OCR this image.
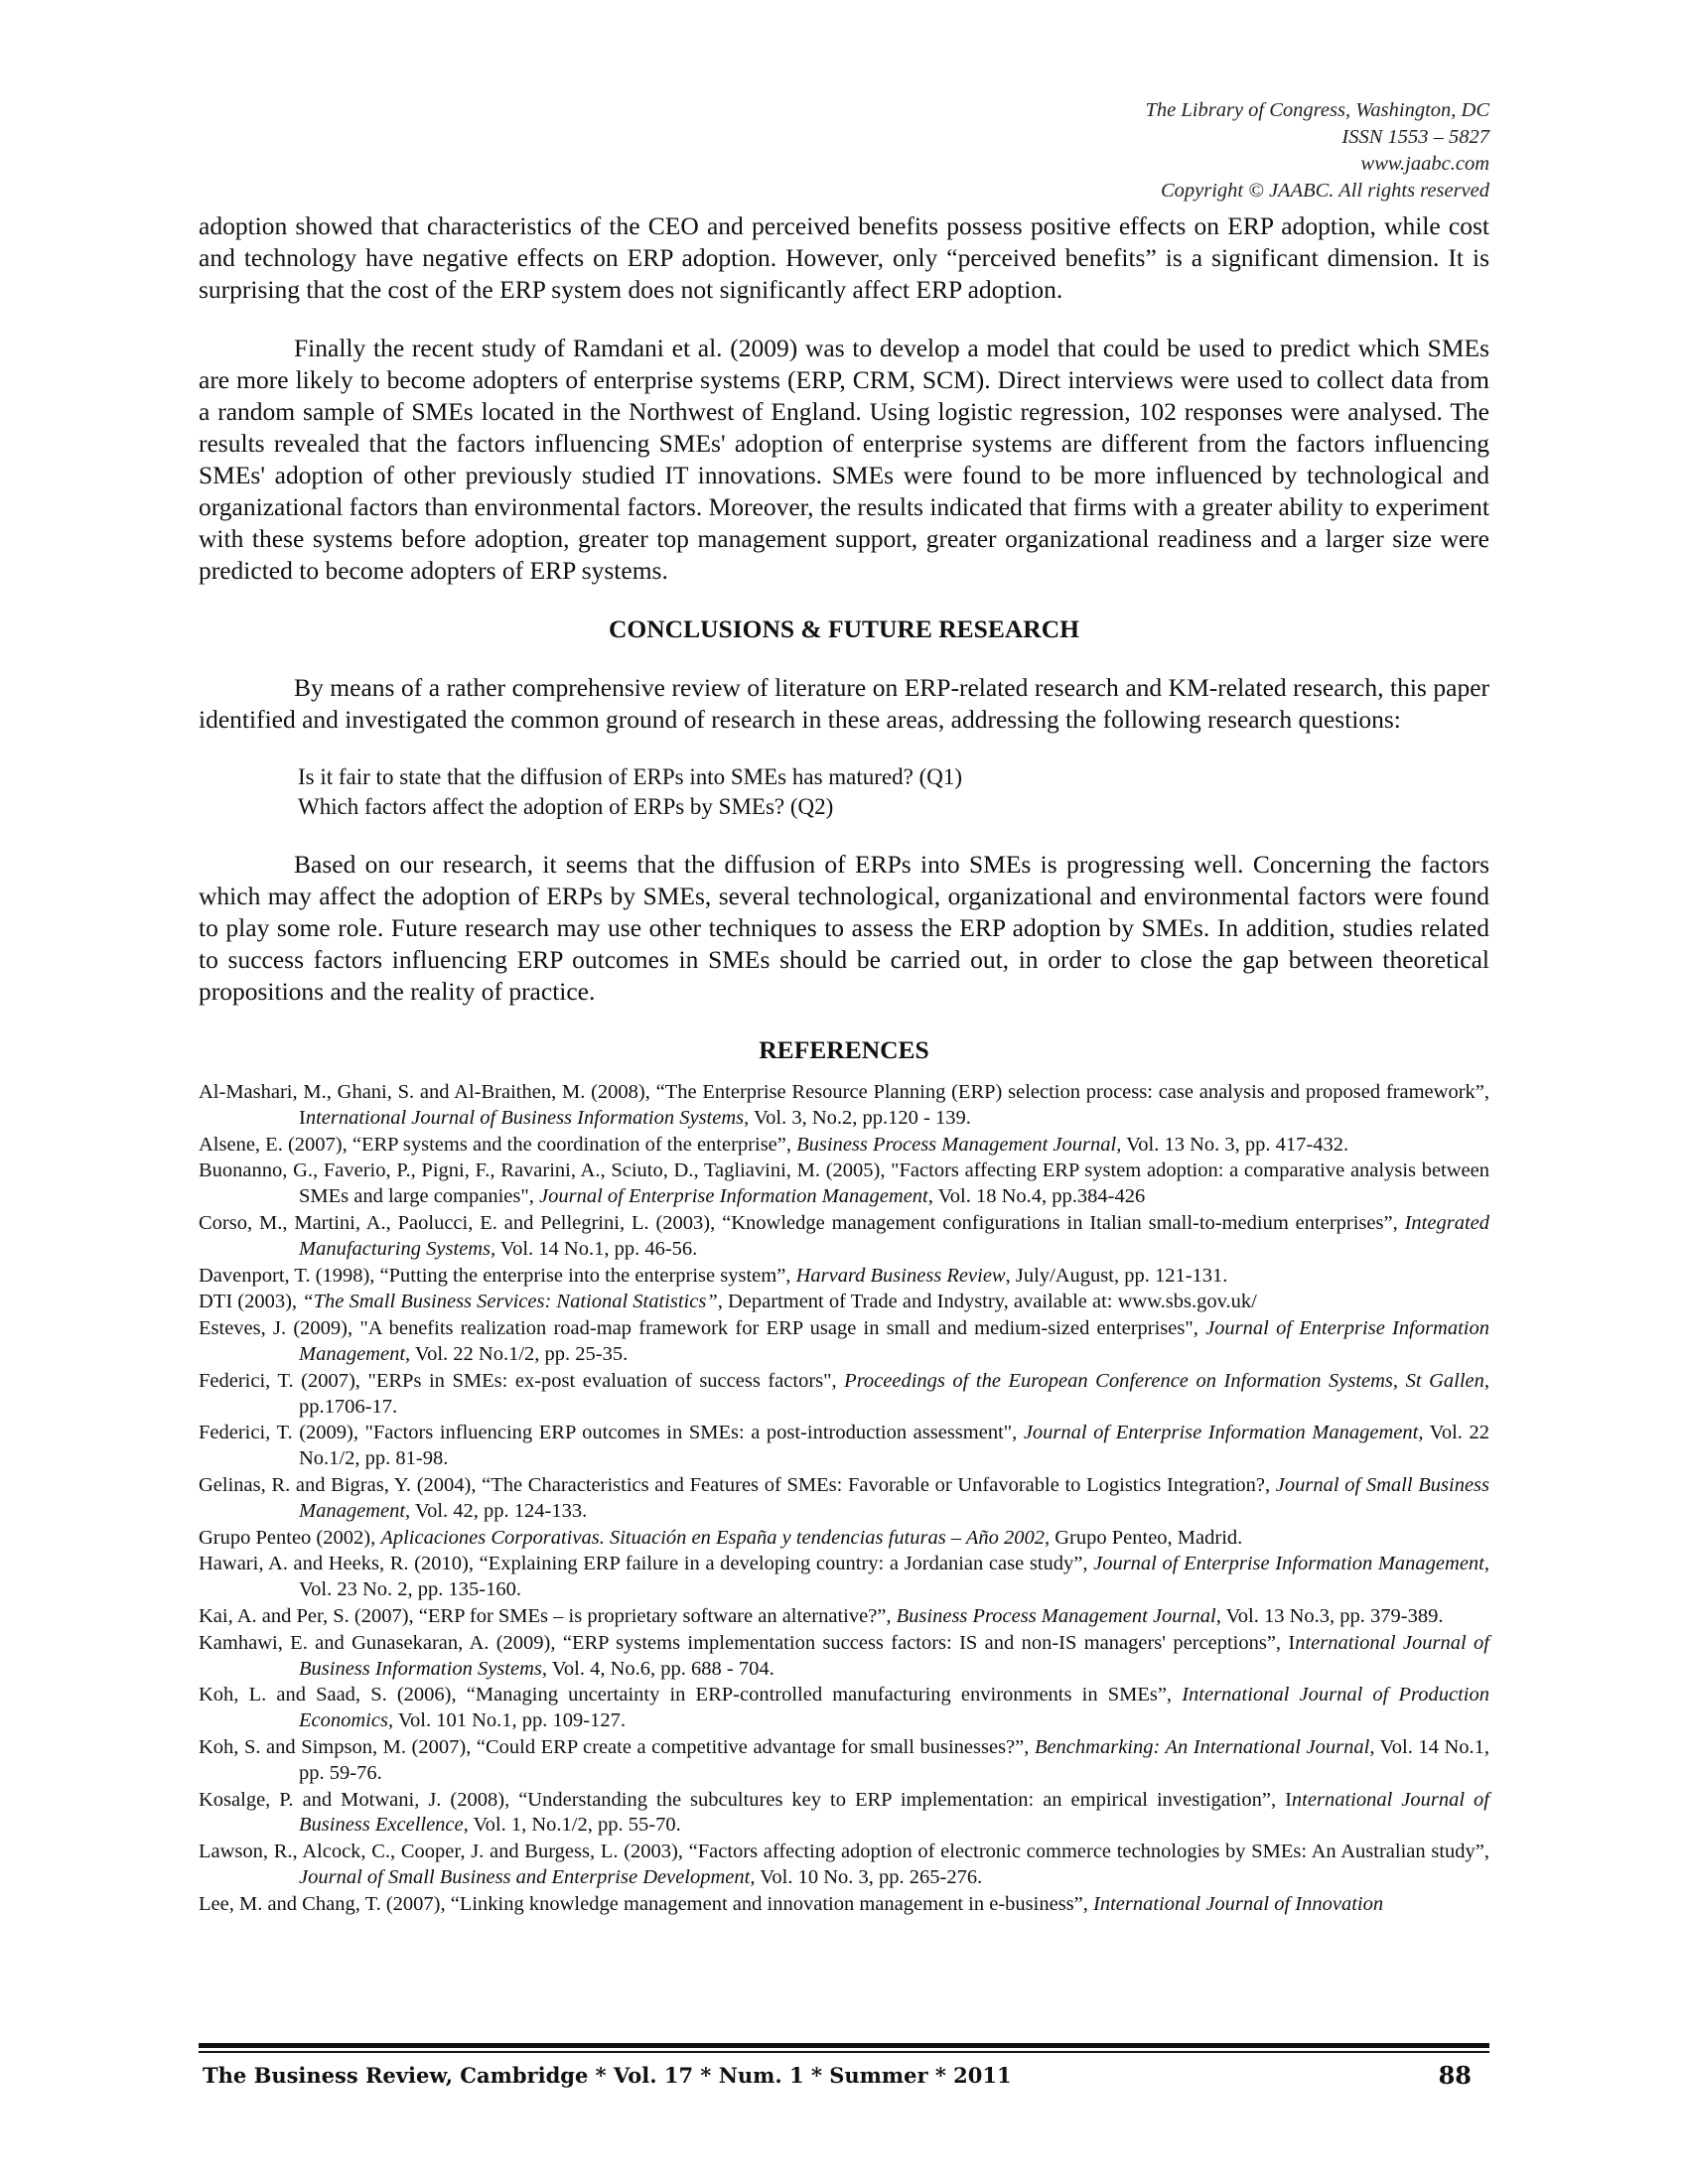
The Library of Congress, Washington, DC
ISSN 1553 – 5827
www.jaabc.com
Copyright © JAABC. All rights reserved

adoption showed that characteristics of the CEO and perceived benefits possess positive effects on ERP adoption, while cost and technology have negative effects on ERP adoption. However, only “perceived benefits” is a significant dimension. It is surprising that the cost of the ERP system does not significantly affect ERP adoption.

Finally the recent study of Ramdani et al. (2009) was to develop a model that could be used to predict which SMEs are more likely to become adopters of enterprise systems (ERP, CRM, SCM). Direct interviews were used to collect data from a random sample of SMEs located in the Northwest of England. Using logistic regression, 102 responses were analysed. The results revealed that the factors influencing SMEs' adoption of enterprise systems are different from the factors influencing SMEs' adoption of other previously studied IT innovations. SMEs were found to be more influenced by technological and organizational factors than environmental factors. Moreover, the results indicated that firms with a greater ability to experiment with these systems before adoption, greater top management support, greater organizational readiness and a larger size were predicted to become adopters of ERP systems.

CONCLUSIONS & FUTURE RESEARCH

By means of a rather comprehensive review of literature on ERP-related research and KM-related research, this paper identified and investigated the common ground of research in these areas, addressing the following research questions:

Is it fair to state that the diffusion of ERPs into SMEs has matured? (Q1)
Which factors affect the adoption of ERPs by SMEs? (Q2)

Based on our research, it seems that the diffusion of ERPs into SMEs is progressing well. Concerning the factors which may affect the adoption of ERPs by SMEs, several technological, organizational and environmental factors were found to play some role. Future research may use other techniques to assess the ERP adoption by SMEs. In addition, studies related to success factors influencing ERP outcomes in SMEs should be carried out, in order to close the gap between theoretical propositions and the reality of practice.

REFERENCES
Al-Mashari, M., Ghani, S. and Al-Braithen, M. (2008), “The Enterprise Resource Planning (ERP) selection process: case analysis and proposed framework”, International Journal of Business Information Systems, Vol. 3, No.2, pp.120 - 139.
Alsene, E. (2007), “ERP systems and the coordination of the enterprise”, Business Process Management Journal, Vol. 13 No. 3, pp. 417-432.
Buonanno, G., Faverio, P., Pigni, F., Ravarini, A., Sciuto, D., Tagliavini, M. (2005), "Factors affecting ERP system adoption: a comparative analysis between SMEs and large companies", Journal of Enterprise Information Management, Vol. 18 No.4, pp.384-426
Corso, M., Martini, A., Paolucci, E. and Pellegrini, L. (2003), “Knowledge management configurations in Italian small-to-medium enterprises”, Integrated Manufacturing Systems, Vol. 14 No.1, pp. 46-56.
Davenport, T. (1998), “Putting the enterprise into the enterprise system”, Harvard Business Review, July/August, pp. 121-131.
DTI (2003), “The Small Business Services: National Statistics”, Department of Trade and Indystry, available at: www.sbs.gov.uk/
Esteves, J. (2009), "A benefits realization road-map framework for ERP usage in small and medium-sized enterprises", Journal of Enterprise Information Management, Vol. 22 No.1/2, pp. 25-35.
Federici, T. (2007), "ERPs in SMEs: ex-post evaluation of success factors", Proceedings of the European Conference on Information Systems, St Gallen, pp.1706-17.
Federici, T. (2009), "Factors influencing ERP outcomes in SMEs: a post-introduction assessment", Journal of Enterprise Information Management, Vol. 22 No.1/2, pp. 81-98.
Gelinas, R. and Bigras, Y. (2004), “The Characteristics and Features of SMEs: Favorable or Unfavorable to Logistics Integration?, Journal of Small Business Management, Vol. 42, pp. 124-133.
Grupo Penteo (2002), Aplicaciones Corporativas. Situación en España y tendencias futuras – Año 2002, Grupo Penteo, Madrid.
Hawari, A. and Heeks, R. (2010), “Explaining ERP failure in a developing country: a Jordanian case study”, Journal of Enterprise Information Management, Vol. 23 No. 2, pp. 135-160.
Kai, A. and Per, S. (2007), “ERP for SMEs – is proprietary software an alternative?”, Business Process Management Journal, Vol. 13 No.3, pp. 379-389.
Kamhawi, E. and Gunasekaran, A. (2009), “ERP systems implementation success factors: IS and non-IS managers' perceptions”, International Journal of Business Information Systems, Vol. 4, No.6, pp. 688 - 704.
Koh, L. and Saad, S. (2006), “Managing uncertainty in ERP-controlled manufacturing environments in SMEs”, International Journal of Production Economics, Vol. 101 No.1, pp. 109-127.
Koh, S. and Simpson, M. (2007), “Could ERP create a competitive advantage for small businesses?”, Benchmarking: An International Journal, Vol. 14 No.1, pp. 59-76.
Kosalge, P. and Motwani, J. (2008), “Understanding the subcultures key to ERP implementation: an empirical investigation”, International Journal of Business Excellence, Vol. 1, No.1/2, pp. 55-70.
Lawson, R., Alcock, C., Cooper, J. and Burgess, L. (2003), “Factors affecting adoption of electronic commerce technologies by SMEs: An Australian study”, Journal of Small Business and Enterprise Development, Vol. 10 No. 3, pp. 265-276.
Lee, M. and Chang, T. (2007), “Linking knowledge management and innovation management in e-business”, International Journal of Innovation
The Business Review, Cambridge * Vol. 17 * Num. 1 * Summer * 2011	88
